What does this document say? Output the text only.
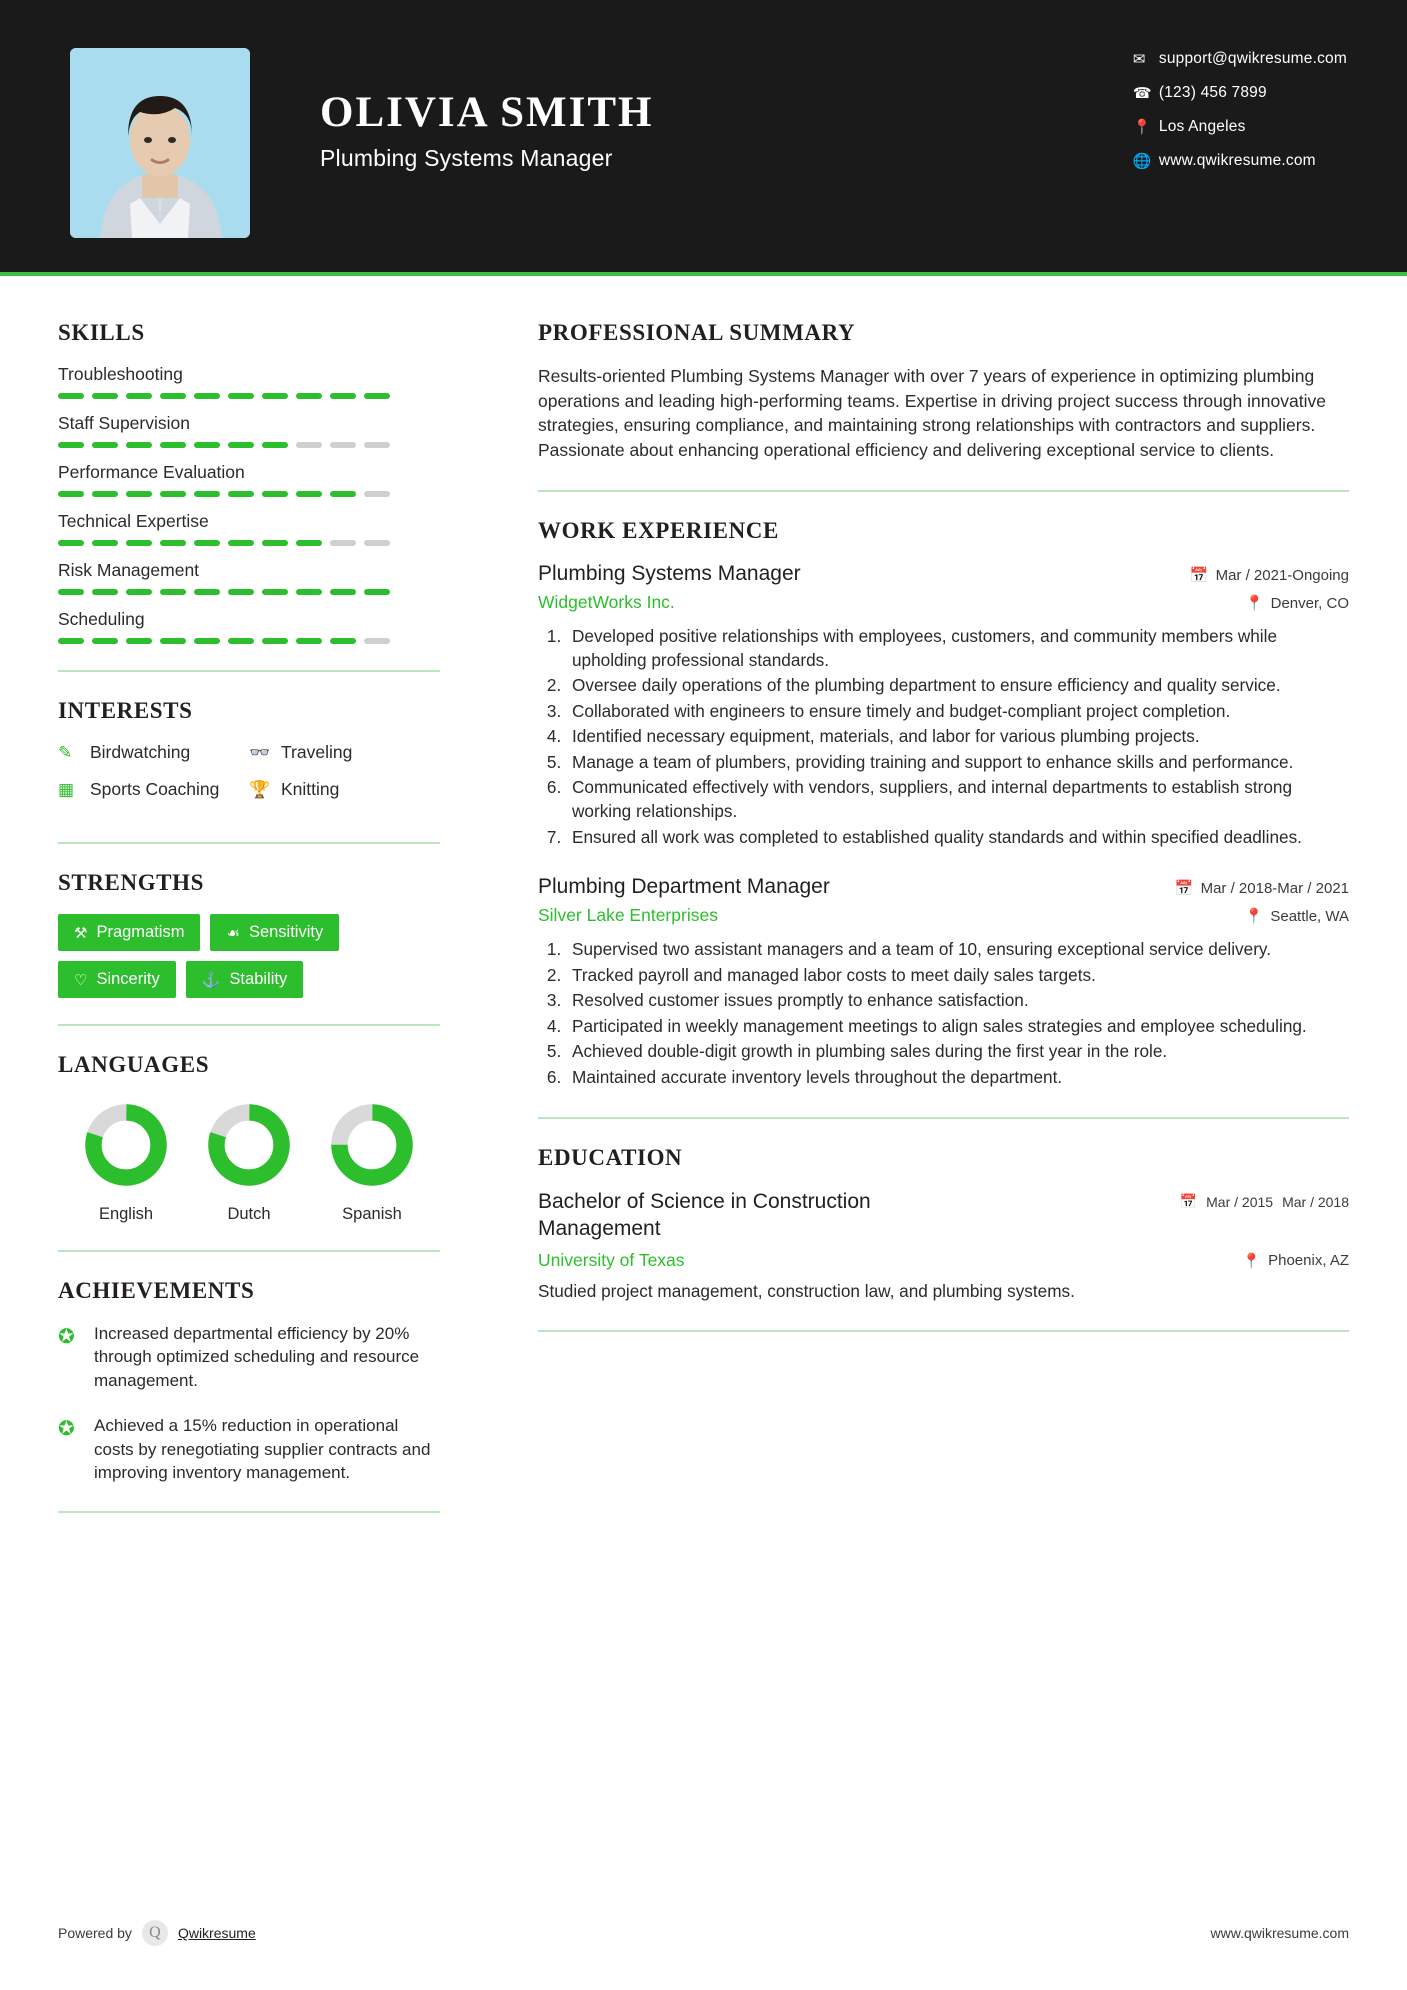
OLIVIA SMITH
Plumbing Systems Manager
✉ support@qwikresume.com
☎ (123) 456 7899
📍 Los Angeles
🌐 www.qwikresume.com
SKILLS
Troubleshooting
Staff Supervision
Performance Evaluation
Technical Expertise
Risk Management
Scheduling
INTERESTS
✎	Birdwatching	👓 Traveling
▦ Sports Coaching 🏆 Knitting
STRENGTHS
⚒ Pragmatism	☙ Sensitivity
♡ Sincerity	⚓ Stability
LANGUAGES
English	Dutch	Spanish
ACHIEVEMENTS
✪	Increased departmental efficiency by 20% through optimized scheduling and resource management.
✪	Achieved a 15% reduction in operational costs by renegotiating supplier contracts and improving inventory management.
PROFESSIONAL SUMMARY
Results-oriented Plumbing Systems Manager with over 7 years of experience in optimizing plumbing operations and leading high-performing teams. Expertise in driving project success through innovative strategies, ensuring compliance, and maintaining strong relationships with contractors and suppliers. Passionate about enhancing operational efficiency and delivering exceptional service to clients.
WORK EXPERIENCE
Plumbing Systems Manager	📅 Mar / 2021-Ongoing
WidgetWorks Inc.	📍 Denver, CO
1. Developed positive relationships with employees, customers, and community members while upholding professional standards.
2. Oversee daily operations of the plumbing department to ensure efficiency and quality service.
3. Collaborated with engineers to ensure timely and budget-compliant project completion.
4. Identified necessary equipment, materials, and labor for various plumbing projects.
5. Manage a team of plumbers, providing training and support to enhance skills and performance.
6. Communicated effectively with vendors, suppliers, and internal departments to establish strong working relationships.
7. Ensured all work was completed to established quality standards and within specified deadlines.
Plumbing Department Manager	📅 Mar / 2018-Mar / 2021
Silver Lake Enterprises	📍 Seattle, WA
1. Supervised two assistant managers and a team of 10, ensuring exceptional service delivery.
2. Tracked payroll and managed labor costs to meet daily sales targets.
3. Resolved customer issues promptly to enhance satisfaction.
4. Participated in weekly management meetings to align sales strategies and employee scheduling.
5. Achieved double-digit growth in plumbing sales during the first year in the role.
6. Maintained accurate inventory levels throughout the department.
EDUCATION
Bachelor of Science in Construction Management
📅 Mar / 2015 Mar / 2018
University of Texas	📍 Phoenix, AZ
Studied project management, construction law, and plumbing systems.
Powered by	Q	Qwikresume	www.qwikresume.com
